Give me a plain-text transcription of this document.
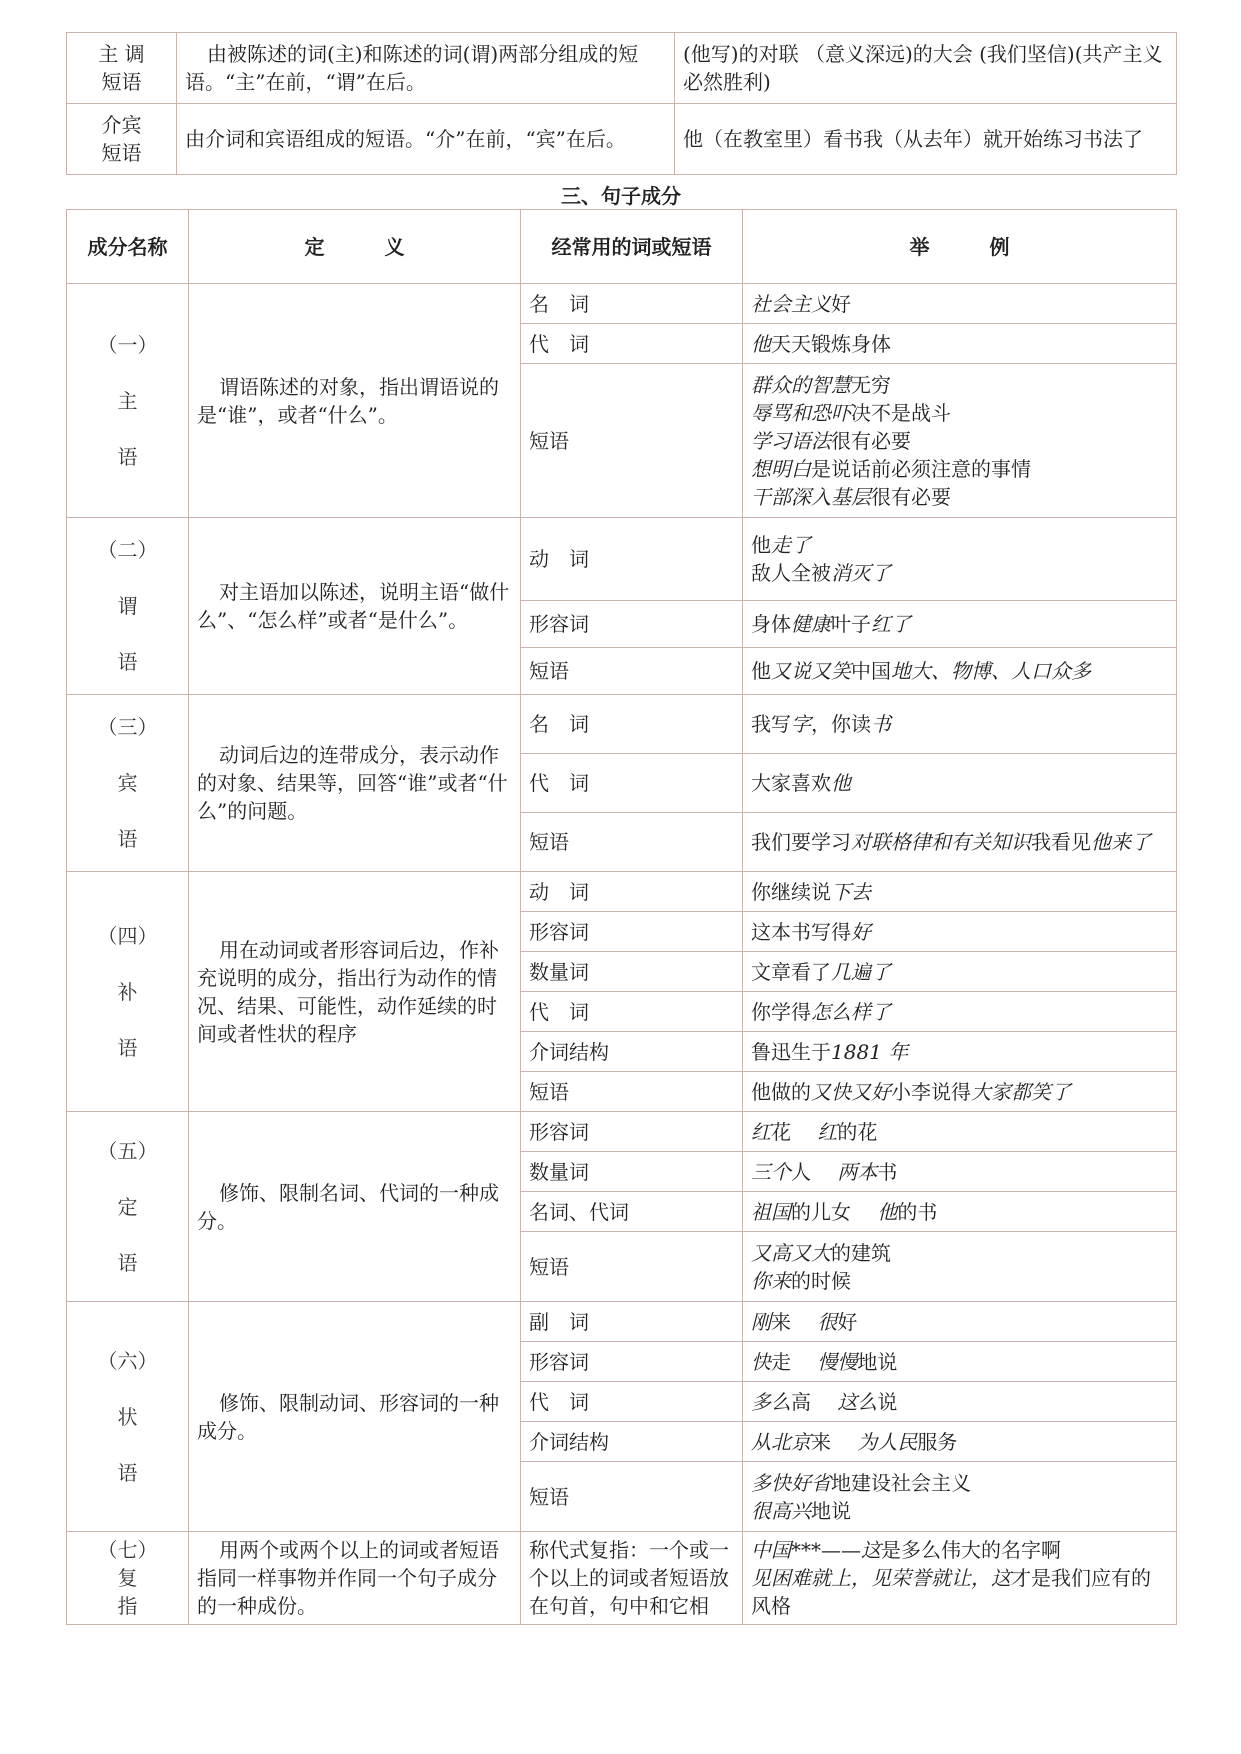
主 调
短语	由被陈述的词(主)和陈述的词(谓)两部分组成的短语。“主”在前，“谓”在后。	(他写)的对联 （意义深远)的大会 (我们坚信)(共产主义必然胜利)

介宾
短语	由介词和宾语组成的短语。“介”在前，“宾”在后。	他（在教室里）看书我（从去年）就开始练习书法了
三、句子成分
成分名称	定　　　义	经常用的词或短语	举　　　例

（一）
主
语	谓语陈述的对象，指出谓语说的是“谁”，或者“什么”。	名　词	社会主义好

		代　词	他天天锻炼身体

		短语	群众的智慧无穷
辱骂和恐吓决不是战斗
学习语法很有必要
想明白是说话前必须注意的事情
干部深入基层很有必要

（二）
谓
语	对主语加以陈述，说明主语“做什么”、“怎么样”或者“是什么”。	动　词	他走了
敌人全被消灭了

		形容词	身体健康叶子红了

		短语	他又说又笑中国地大、物博、人口众多

（三）
宾
语	动词后边的连带成分，表示动作的对象、结果等，回答“谁”或者“什么”的问题。	名　词	我写字，你读书

		代　词	大家喜欢他

		短语	我们要学习对联格律和有关知识我看见他来了

（四）
补
语	用在动词或者形容词后边，作补充说明的成分，指出行为动作的情况、结果、可能性，动作延续的时间或者性状的程序	动　词	你继续说下去

		形容词	这本书写得好

		数量词	文章看了几遍了

		代　词	你学得怎么样了

		介词结构	鲁迅生于1881 年

		短语	他做的又快又好小李说得大家都笑了

（五）
定
语	修饰、限制名词、代词的一种成分。	形容词	红花　 红的花

		数量词	三个人　 两本书

		名词、代词	祖国的儿女　 他的书

		短语	又高又大的建筑
你来的时候

（六）
状
语	修饰、限制动词、形容词的一种成分。	副　词	刚来　 很好

		形容词	快走　 慢慢地说

		代　词	多么高　 这么说

		介词结构	从北京来　 为人民服务

		短语	多快好省地建设社会主义
很高兴地说

（七）
复
指	用两个或两个以上的词或者短语指同一样事物并作同一个句子成分的一种成份。	称代式复指：一个或一个以上的词或者短语放在句首，句中和它相	中国***——这是多么伟大的名字啊
见困难就上，见荣誉就让，这才是我们应有的风格
